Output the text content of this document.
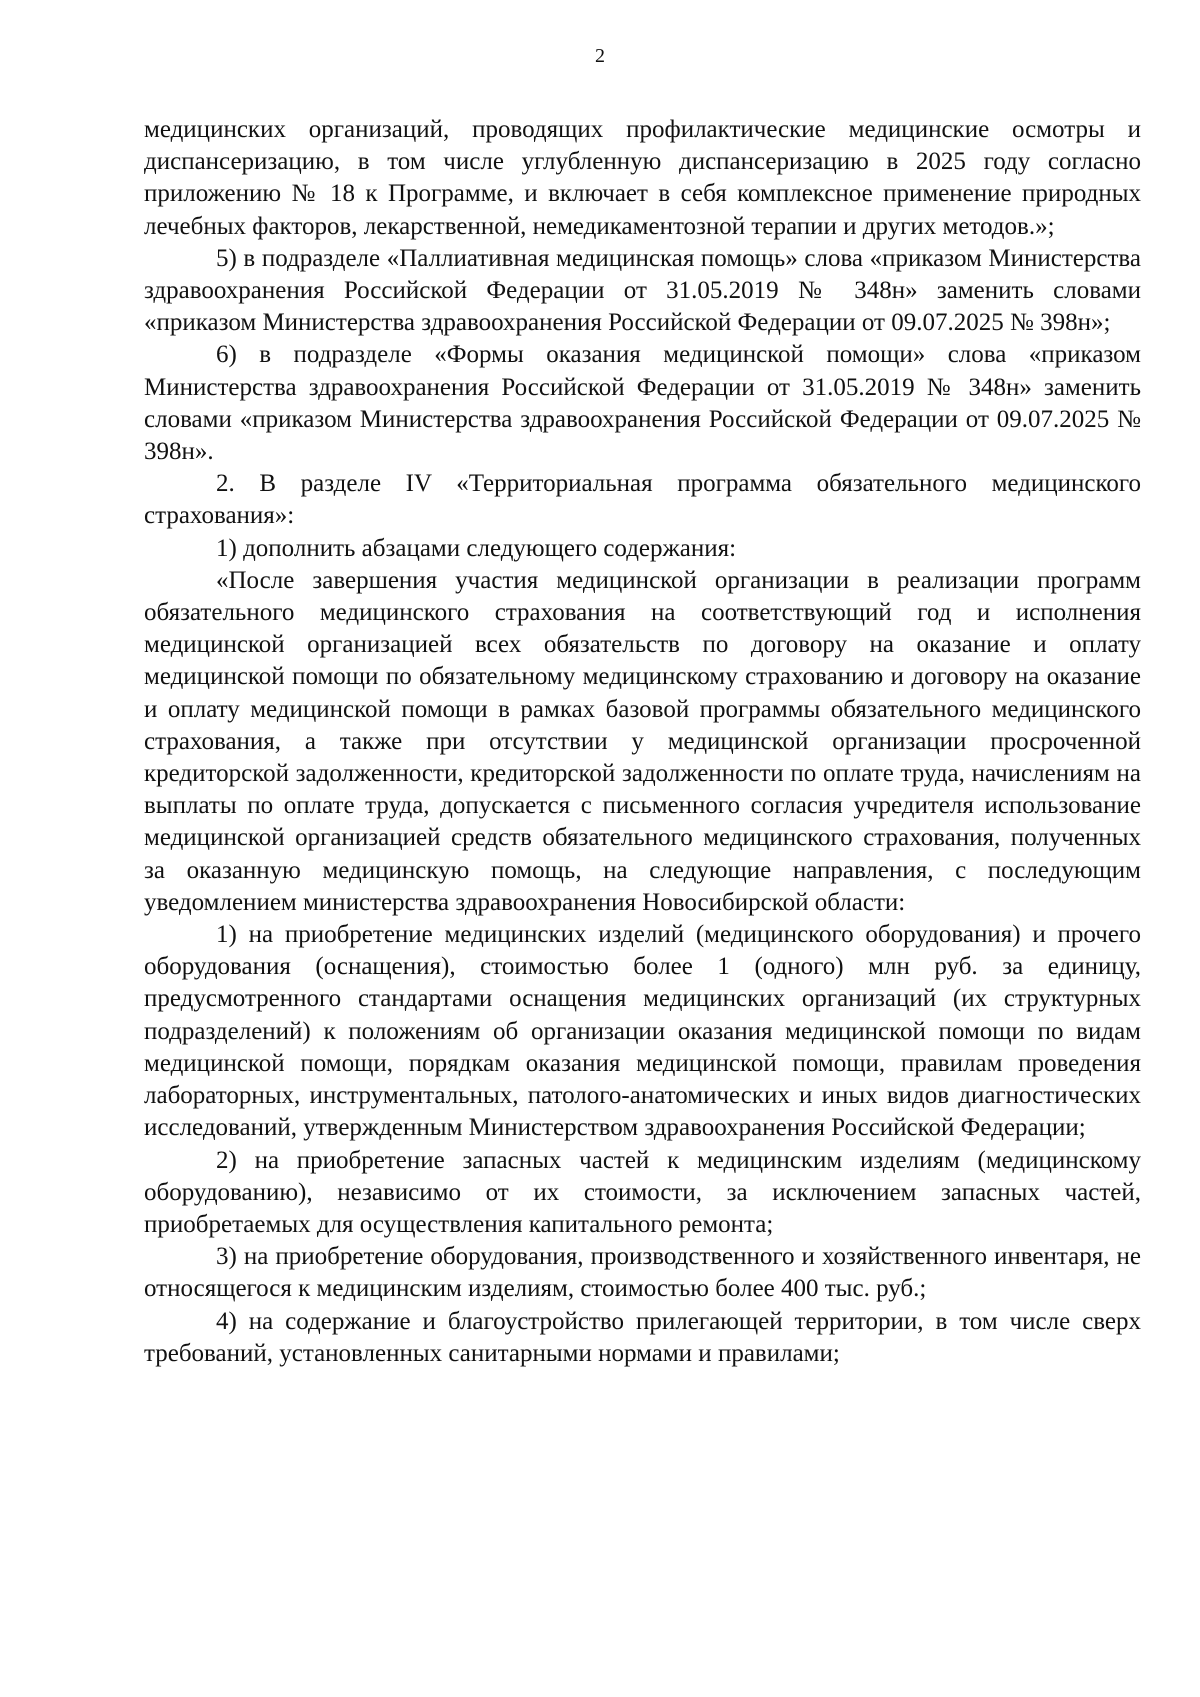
2

медицинских организаций, проводящих профилактические медицинские осмотры и диспансеризацию, в том числе углубленную диспансеризацию в 2025 году согласно приложению № 18 к Программе, и включает в себя комплексное применение природных лечебных факторов, лекарственной, немедикаментозной терапии и других методов.»;

5) в подразделе «Паллиативная медицинская помощь» слова «приказом Министерства здравоохранения Российской Федерации от 31.05.2019 № 348н» заменить словами «приказом Министерства здравоохранения Российской Федерации от 09.07.2025 № 398н»;

6) в подразделе «Формы оказания медицинской помощи» слова «приказом Министерства здравоохранения Российской Федерации от 31.05.2019 № 348н» заменить словами «приказом Министерства здравоохранения Российской Федерации от 09.07.2025 № 398н».

2. В разделе IV «Территориальная программа обязательного медицинского страхования»:

1) дополнить абзацами следующего содержания:

«После завершения участия медицинской организации в реализации программ обязательного медицинского страхования на соответствующий год и исполнения медицинской организацией всех обязательств по договору на оказание и оплату медицинской помощи по обязательному медицинскому страхованию и договору на оказание и оплату медицинской помощи в рамках базовой программы обязательного медицинского страхования, а также при отсутствии у медицинской организации просроченной кредиторской задолженности, кредиторской задолженности по оплате труда, начислениям на выплаты по оплате труда, допускается с письменного согласия учредителя использование медицинской организацией средств обязательного медицинского страхования, полученных за оказанную медицинскую помощь, на следующие направления, с последующим уведомлением министерства здравоохранения Новосибирской области:

1) на приобретение медицинских изделий (медицинского оборудования) и прочего оборудования (оснащения), стоимостью более 1 (одного) млн руб. за единицу, предусмотренного стандартами оснащения медицинских организаций (их структурных подразделений) к положениям об организации оказания медицинской помощи по видам медицинской помощи, порядкам оказания медицинской помощи, правилам проведения лабораторных, инструментальных, патолого-анатомических и иных видов диагностических исследований, утвержденным Министерством здравоохранения Российской Федерации;

2) на приобретение запасных частей к медицинским изделиям (медицинскому оборудованию), независимо от их стоимости, за исключением запасных частей, приобретаемых для осуществления капитального ремонта;

3) на приобретение оборудования, производственного и хозяйственного инвентаря, не относящегося к медицинским изделиям, стоимостью более 400 тыс. руб.;

4) на содержание и благоустройство прилегающей территории, в том числе сверх требований, установленных санитарными нормами и правилами;
